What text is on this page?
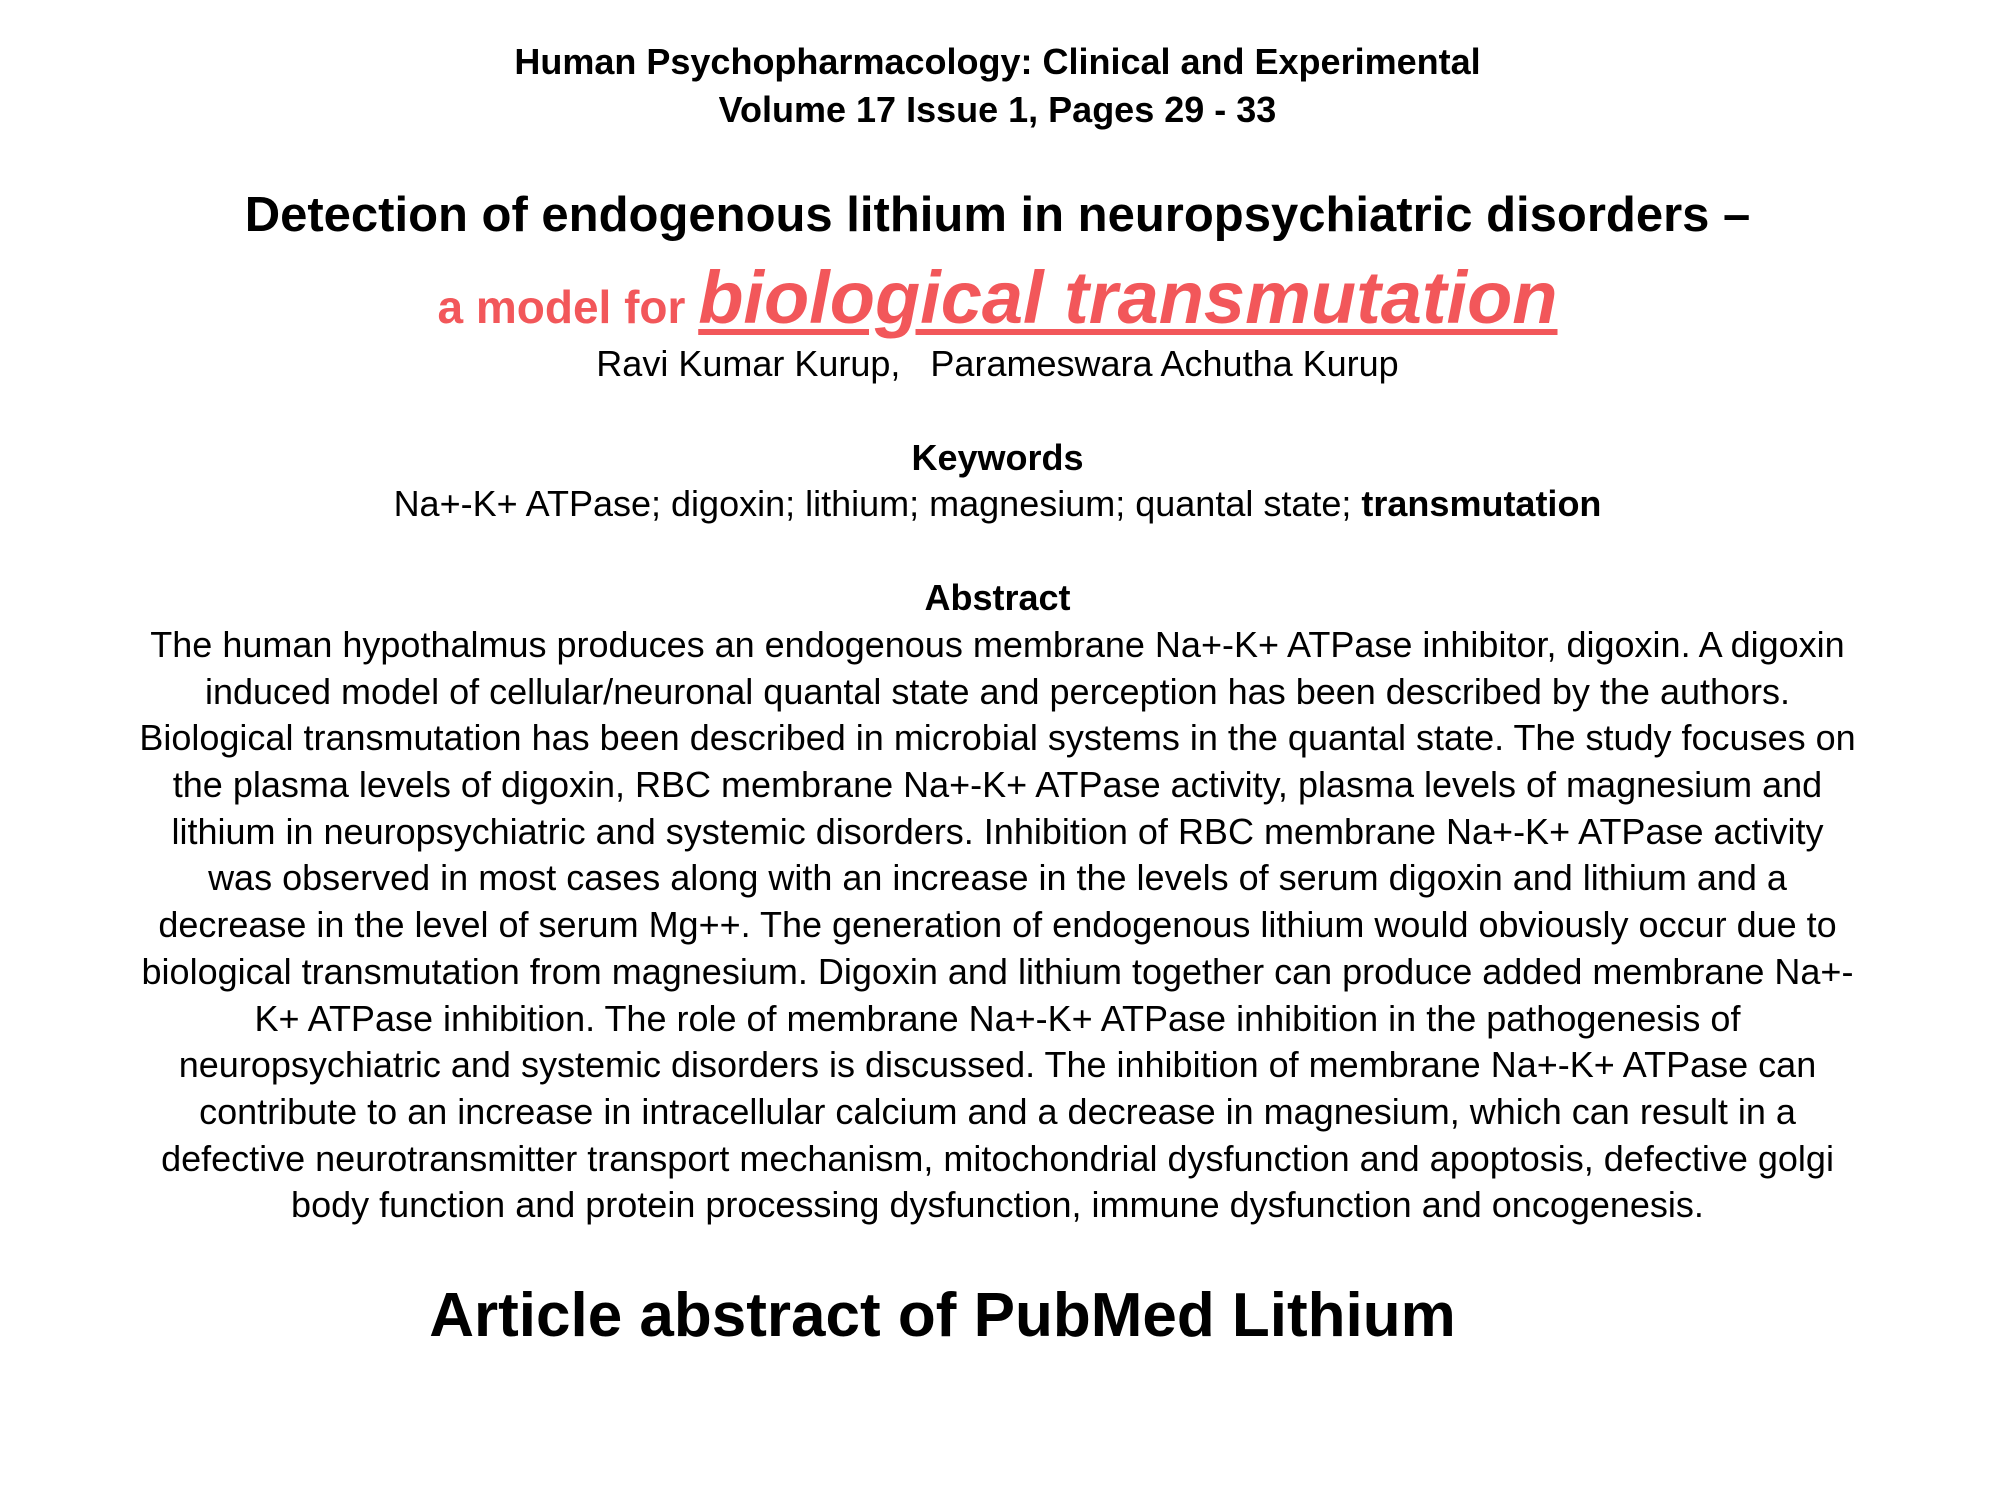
Human Psychopharmacology: Clinical and Experimental
Volume 17 Issue 1, Pages 29 - 33
Detection of endogenous lithium in neuropsychiatric disorders –
a model for biological transmutation
Ravi Kumar Kurup,   Parameswara Achutha Kurup
Keywords
Na+-K+ ATPase; digoxin; lithium; magnesium; quantal state; transmutation
Abstract
The human hypothalmus produces an endogenous membrane Na+-K+ ATPase inhibitor, digoxin. A digoxin
induced model of cellular/neuronal quantal state and perception has been described by the authors.
Biological transmutation has been described in microbial systems in the quantal state. The study focuses on
the plasma levels of digoxin, RBC membrane Na+-K+ ATPase activity, plasma levels of magnesium and
lithium in neuropsychiatric and systemic disorders. Inhibition of RBC membrane Na+-K+ ATPase activity
was observed in most cases along with an increase in the levels of serum digoxin and lithium and a
decrease in the level of serum Mg++. The generation of endogenous lithium would obviously occur due to
biological transmutation from magnesium. Digoxin and lithium together can produce added membrane Na+-
K+ ATPase inhibition. The role of membrane Na+-K+ ATPase inhibition in the pathogenesis of
neuropsychiatric and systemic disorders is discussed. The inhibition of membrane Na+-K+ ATPase can
contribute to an increase in intracellular calcium and a decrease in magnesium, which can result in a
defective neurotransmitter transport mechanism, mitochondrial dysfunction and apoptosis, defective golgi
body function and protein processing dysfunction, immune dysfunction and oncogenesis.
Article abstract of PubMed Lithium
